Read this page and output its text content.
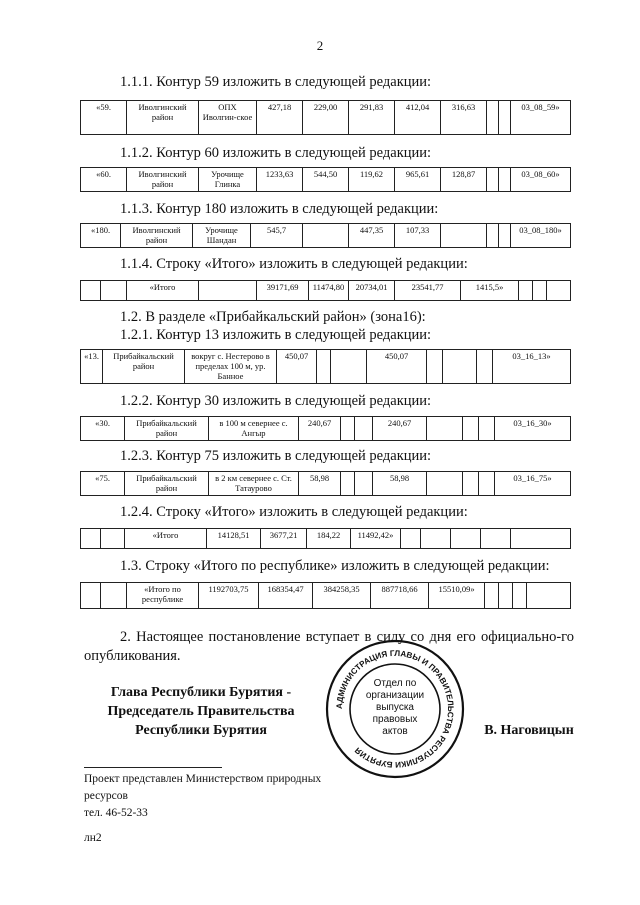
2
1.1.1. Контур 59 изложить в следующей редакции:
«59.	Иволгинский район	ОПХ Иволгин-ское	427,18	229,00	291,83	412,04	316,63			03_08_59»
1.1.2. Контур 60 изложить в следующей редакции:
«60.	Иволгинский район	Урочище Глинка	1233,63	544,50	119,62	965,61	128,87			03_08_60»
1.1.3. Контур 180 изложить в следующей редакции:
«180.	Иволгинский район	Урочище Шандан	545,7		447,35	107,33				03_08_180»
1.1.4. Строку «Итого» изложить в следующей редакции:
		«Итого		39171,69	11474,80	20734,01	23541,77	1415,5»			
1.2. В разделе «Прибайкальский район» (зона16):
1.2.1. Контур 13 изложить в следующей редакции:
«13.	Прибайкальский район	вокруг с. Нестерово в пределах 100 м, ур. Банное	450,07			450,07				03_16_13»
1.2.2. Контур 30 изложить в следующей редакции:
«30.	Прибайкальский район	в 100 м севернее с. Ангыр	240,67			240,67				03_16_30»
1.2.3. Контур 75 изложить в следующей редакции:
«75.	Прибайкальский район	в 2 км севернее с. Ст. Татаурово	58,98			58,98				03_16_75»
1.2.4. Строку «Итого» изложить в следующей редакции:
		«Итого	14128,51	3677,21	184,22	11492,42»					
1.3. Строку «Итого по республике» изложить в следующей редакции:
		«Итого по республике	1192703,75	168354,47	384258,35	887718,66	15510,09»				
2. Настоящее постановление вступает в силу со дня его официально-го опубликования.
Глава Республики Бурятия -
Председатель Правительства
Республики Бурятия	В. Наговицын
АДМИНИСТРАЦИЯ ГЛАВЫ И ПРАВИТЕЛЬСТВА РЕСПУБЛИКИ БУРЯТИЯ
Отдел по
организации
выпуска
правовых
актов
Проект представлен Министерством природных
ресурсов
тел. 46-52-33
лн2
